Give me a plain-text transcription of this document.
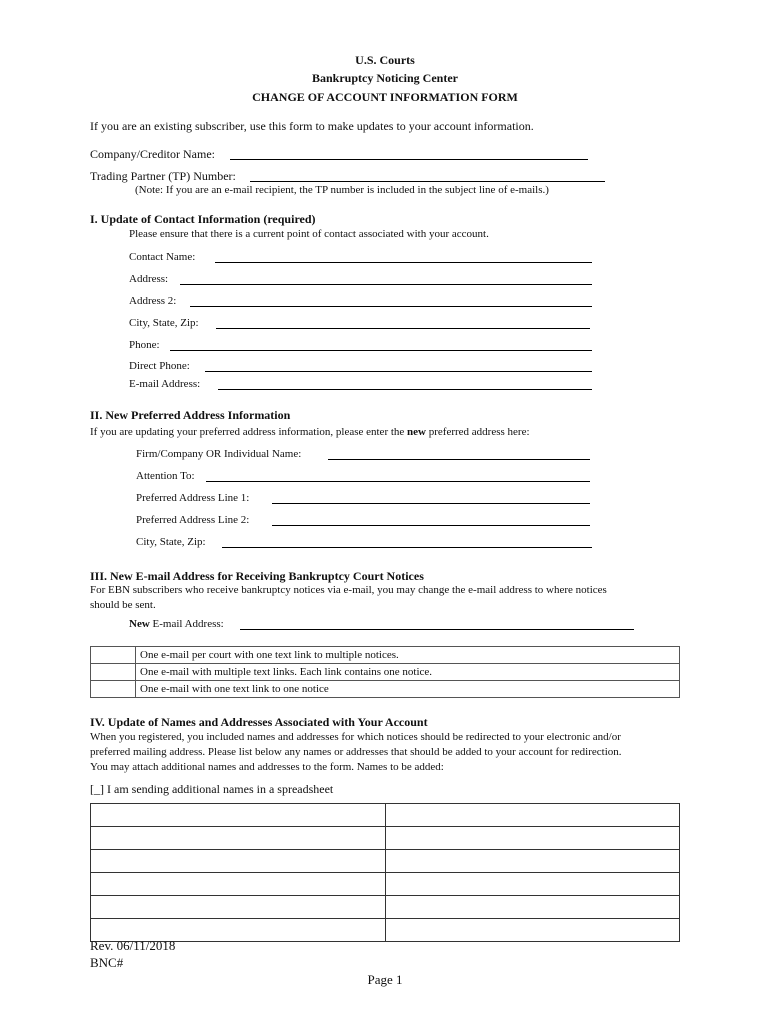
U.S. Courts
Bankruptcy Noticing Center
CHANGE OF ACCOUNT INFORMATION FORM
If you are an existing subscriber, use this form to make updates to your account information.
Company/Creditor Name:
Trading Partner (TP) Number:
(Note: If you are an e-mail recipient, the TP number is included in the subject line of e-mails.)
I. Update of Contact Information (required)
Please ensure that there is a current point of contact associated with your account.
Contact Name:
Address:
Address 2:
City, State, Zip:
Phone:
Direct Phone:
E-mail Address:
II. New Preferred Address Information
If you are updating your preferred address information, please enter the new preferred address here:
Firm/Company OR Individual Name:
Attention To:
Preferred Address Line 1:
Preferred Address Line 2:
City, State, Zip:
III. New E-mail Address for Receiving Bankruptcy Court Notices
For EBN subscribers who receive bankruptcy notices via e-mail, you may change the e-mail address to where notices
should be sent.
New E-mail Address:
	One e-mail per court with one text link to multiple notices.
	One e-mail with multiple text links. Each link contains one notice.
	One e-mail with one text link to one notice
IV. Update of Names and Addresses Associated with Your Account
When you registered, you included names and addresses for which notices should be redirected to your electronic and/or
preferred mailing address. Please list below any names or addresses that should be added to your account for redirection.
You may attach additional names and addresses to the form. Names to be added:
[_] I am sending additional names in a spreadsheet

Rev. 06/11/2018
BNC#
Page 1
